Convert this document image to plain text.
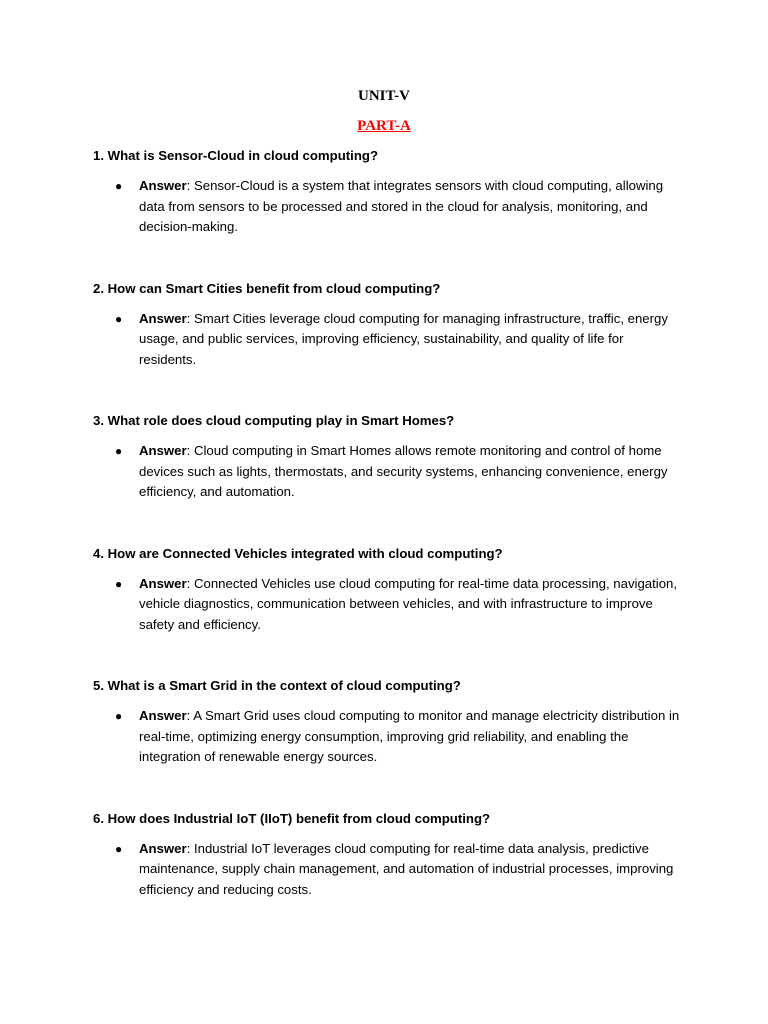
UNIT-V
PART-A

1. What is Sensor-Cloud in cloud computing?

● Answer: Sensor-Cloud is a system that integrates sensors with cloud computing, allowing data from sensors to be processed and stored in the cloud for analysis, monitoring, and decision-making.

2. How can Smart Cities benefit from cloud computing?

● Answer: Smart Cities leverage cloud computing for managing infrastructure, traffic, energy usage, and public services, improving efficiency, sustainability, and quality of life for residents.

3. What role does cloud computing play in Smart Homes?

● Answer: Cloud computing in Smart Homes allows remote monitoring and control of home devices such as lights, thermostats, and security systems, enhancing convenience, energy efficiency, and automation.

4. How are Connected Vehicles integrated with cloud computing?

● Answer: Connected Vehicles use cloud computing for real-time data processing, navigation, vehicle diagnostics, communication between vehicles, and with infrastructure to improve safety and efficiency.

5. What is a Smart Grid in the context of cloud computing?

● Answer: A Smart Grid uses cloud computing to monitor and manage electricity distribution in real-time, optimizing energy consumption, improving grid reliability, and enabling the integration of renewable energy sources.

6. How does Industrial IoT (IIoT) benefit from cloud computing?

● Answer: Industrial IoT leverages cloud computing for real-time data analysis, predictive maintenance, supply chain management, and automation of industrial processes, improving efficiency and reducing costs.
